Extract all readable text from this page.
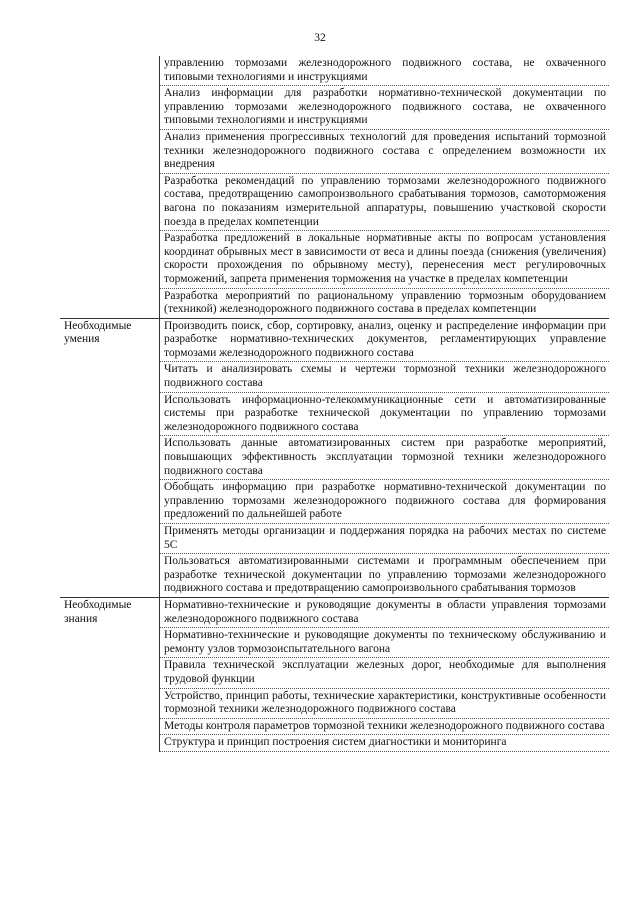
32
	управлению тормозами железнодорожного подвижного состава, не охваченного типовыми технологиями и инструкциями
	Анализ информации для разработки нормативно-технической документации по управлению тормозами железнодорожного подвижного состава, не охваченного типовыми технологиями и инструкциями
	Анализ применения прогрессивных технологий для проведения испытаний тормозной техники железнодорожного подвижного состава с определением возможности их внедрения
	Разработка рекомендаций по управлению тормозами железнодорожного подвижного состава, предотвращению самопроизвольного срабатывания тормозов, самоторможения вагона по показаниям измерительной аппаратуры, повышению участковой скорости поезда в пределах компетенции
	Разработка предложений в локальные нормативные акты по вопросам установления координат обрывных мест в зависимости от веса и длины поезда (снижения (увеличения) скорости прохождения по обрывному месту), перенесения мест регулировочных торможений, запрета применения торможения на участке в пределах компетенции
	Разработка мероприятий по рациональному управлению тормозным оборудованием (техникой) железнодорожного подвижного состава в пределах компетенции
Необходимые умения	Производить поиск, сбор, сортировку, анализ, оценку и распределение информации при разработке нормативно-технических документов, регламентирующих управление тормозами железнодорожного подвижного состава
	Читать и анализировать схемы и чертежи тормозной техники железнодорожного подвижного состава
	Использовать информационно-телекоммуникационные сети и автоматизированные системы при разработке технической документации по управлению тормозами железнодорожного подвижного состава
	Использовать данные автоматизированных систем при разработке мероприятий, повышающих эффективность эксплуатации тормозной техники железнодорожного подвижного состава
	Обобщать информацию при разработке нормативно-технической документации по управлению тормозами железнодорожного подвижного состава для формирования предложений по дальнейшей работе
	Применять методы организации и поддержания порядка на рабочих местах по системе 5С
	Пользоваться автоматизированными системами и программным обеспечением при разработке технической документации по управлению тормозами железнодорожного подвижного состава и предотвращению самопроизвольного срабатывания тормозов
Необходимые знания	Нормативно-технические и руководящие документы в области управления тормозами железнодорожного подвижного состава
	Нормативно-технические и руководящие документы по техническому обслуживанию и ремонту узлов тормозоиспытательного вагона
	Правила технической эксплуатации железных дорог, необходимые для выполнения трудовой функции
	Устройство, принцип работы, технические характеристики, конструктивные особенности тормозной техники железнодорожного подвижного состава
	Методы контроля параметров тормозной техники железнодорожного подвижного состава
	Структура и принцип построения систем диагностики и мониторинга
